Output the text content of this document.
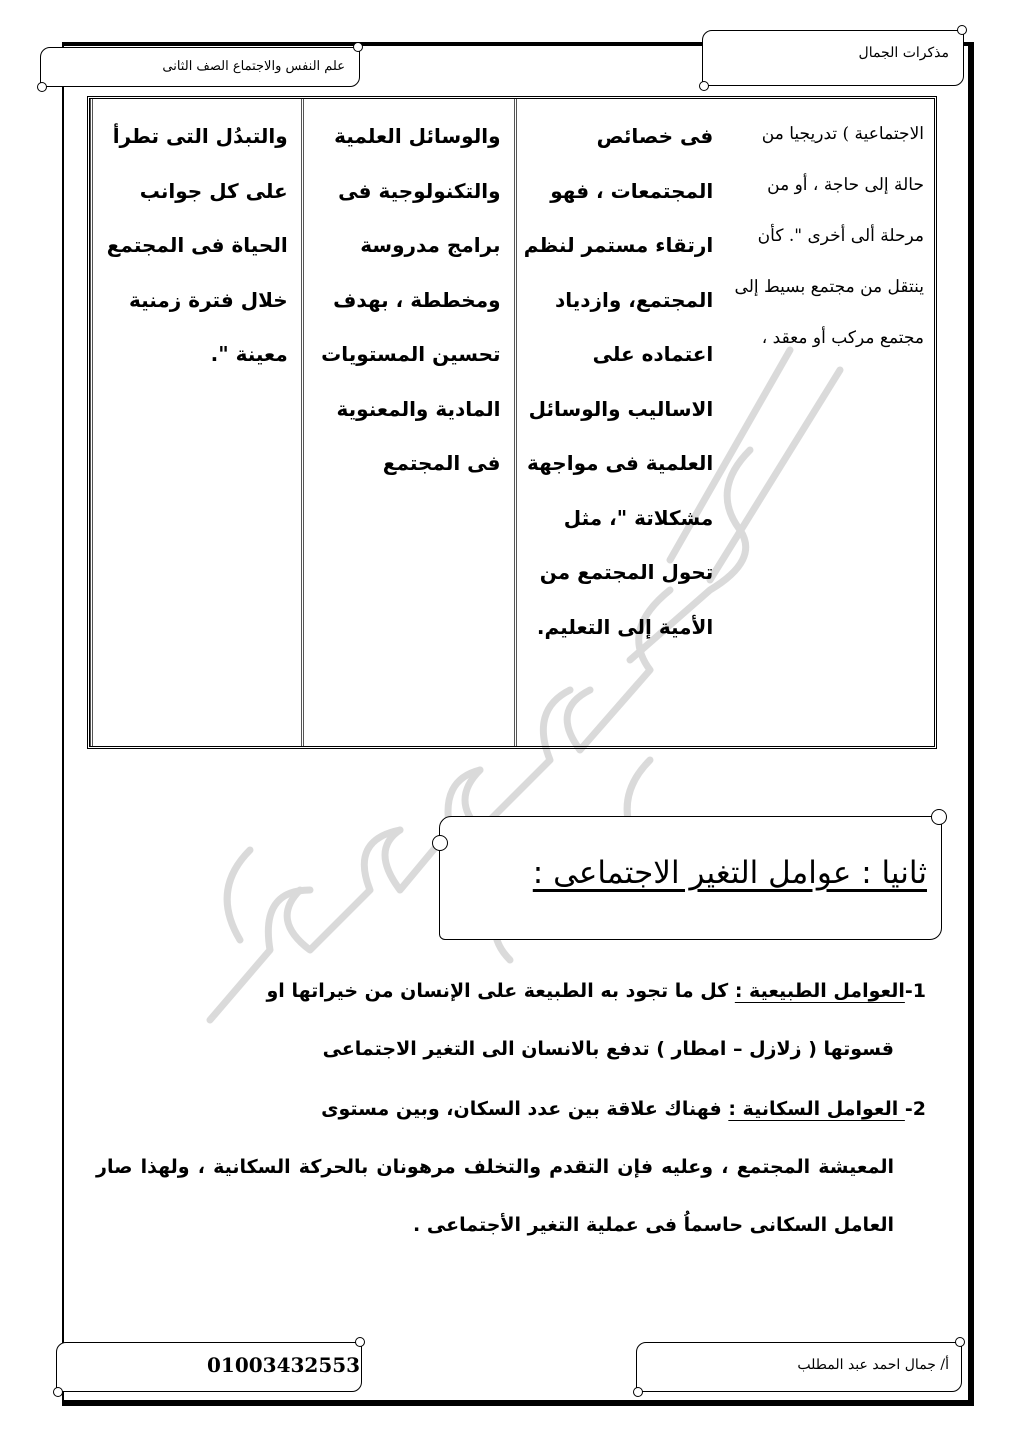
مذكرات الجمال
علم النفس والاجتماع الصف الثانى
والتبدُل التى تطرأ على كل جوانب الحياة فى المجتمع خلال فترة زمنية معينة ".	والوسائل العلمية والتكنولوجية فى برامج مدروسة ومخططة ، بهدف تحسين المستويات المادية والمعنوية فى المجتمع	فى خصائص المجتمعات ، فهو ارتقاء مستمر لنظم المجتمع، وازدياد اعتماده على الاساليب والوسائل العلمية فى مواجهة مشكلاتة "، مثل تحول المجتمع من الأمية إلى التعليم.	الاجتماعية ) تدريجيا من حالة إلى حاجة ، أو من مرحلة ألى أخرى ". كأن ينتقل من مجتمع بسيط إلى مجتمع مركب أو معقد ،
ثانيا : عوامل التغير الاجتماعى :
1-العوامل الطبيعية : كل ما تجود به الطبيعة على الإنسان من خيراتها او
قسوتها ( زلازل – امطار ) تدفع بالانسان الى التغير الاجتماعى
2- العوامل السكانية : فهناك علاقة بين عدد السكان، وبين مستوى
المعيشة المجتمع ، وعليه فإن التقدم والتخلف مرهونان بالحركة السكانية ، ولهذا صار العامل السكانى حاسماُ فى عملية التغير الأجتماعى .
أ/ جمال احمد عبد المطلب
01003432553
